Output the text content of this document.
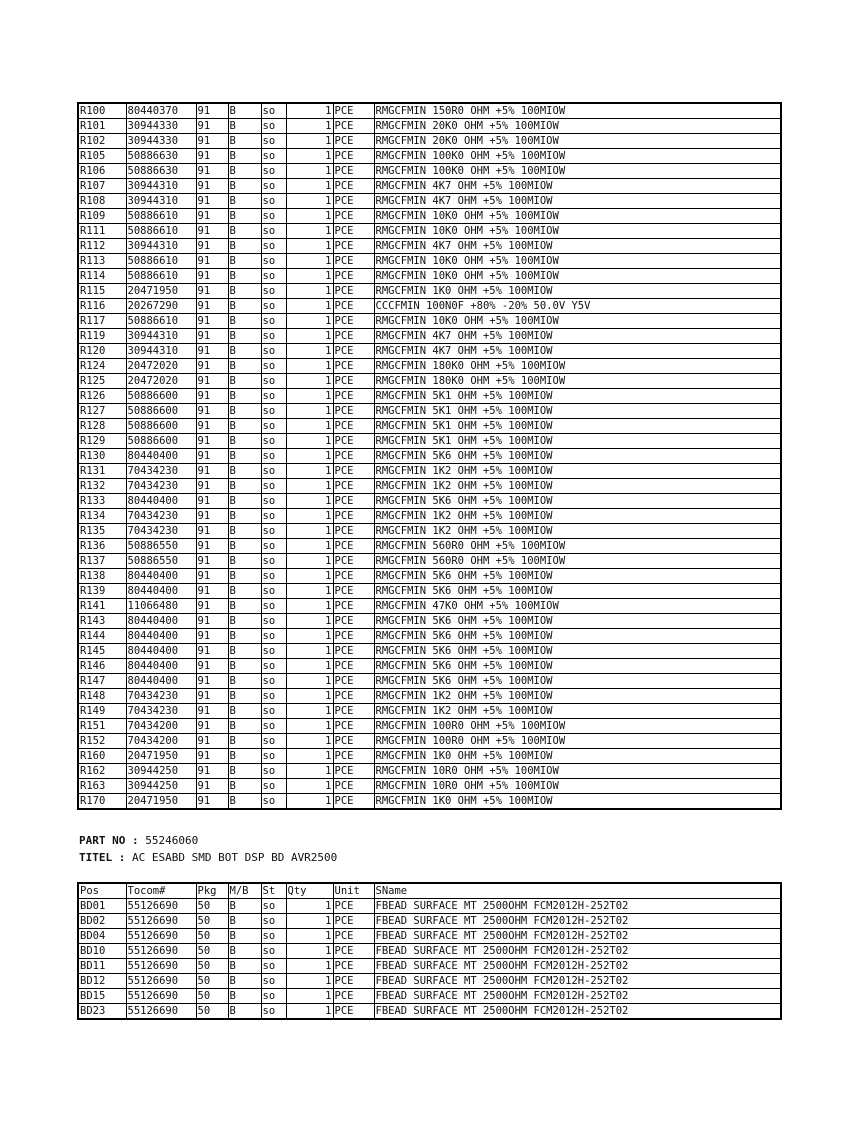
R100	80440370	91	B	so	1	PCE	RMGCFMIN 150R0 OHM +5% 100MIOW
R101	30944330	91	B	so	1	PCE	RMGCFMIN 20K0 OHM +5% 100MIOW
R102	30944330	91	B	so	1	PCE	RMGCFMIN 20K0 OHM +5% 100MIOW
R105	50886630	91	B	so	1	PCE	RMGCFMIN 100K0 OHM +5% 100MIOW
R106	50886630	91	B	so	1	PCE	RMGCFMIN 100K0 OHM +5% 100MIOW
R107	30944310	91	B	so	1	PCE	RMGCFMIN 4K7 OHM +5% 100MIOW
R108	30944310	91	B	so	1	PCE	RMGCFMIN 4K7 OHM +5% 100MIOW
R109	50886610	91	B	so	1	PCE	RMGCFMIN 10K0 OHM +5% 100MIOW
R111	50886610	91	B	so	1	PCE	RMGCFMIN 10K0 OHM +5% 100MIOW
R112	30944310	91	B	so	1	PCE	RMGCFMIN 4K7 OHM +5% 100MIOW
R113	50886610	91	B	so	1	PCE	RMGCFMIN 10K0 OHM +5% 100MIOW
R114	50886610	91	B	so	1	PCE	RMGCFMIN 10K0 OHM +5% 100MIOW
R115	20471950	91	B	so	1	PCE	RMGCFMIN 1K0 OHM +5% 100MIOW
R116	20267290	91	B	so	1	PCE	CCCFMIN 100N0F +80% -20% 50.0V Y5V
R117	50886610	91	B	so	1	PCE	RMGCFMIN 10K0 OHM +5% 100MIOW
R119	30944310	91	B	so	1	PCE	RMGCFMIN 4K7 OHM +5% 100MIOW
R120	30944310	91	B	so	1	PCE	RMGCFMIN 4K7 OHM +5% 100MIOW
R124	20472020	91	B	so	1	PCE	RMGCFMIN 180K0 OHM +5% 100MIOW
R125	20472020	91	B	so	1	PCE	RMGCFMIN 180K0 OHM +5% 100MIOW
R126	50886600	91	B	so	1	PCE	RMGCFMIN 5K1 OHM +5% 100MIOW
R127	50886600	91	B	so	1	PCE	RMGCFMIN 5K1 OHM +5% 100MIOW
R128	50886600	91	B	so	1	PCE	RMGCFMIN 5K1 OHM +5% 100MIOW
R129	50886600	91	B	so	1	PCE	RMGCFMIN 5K1 OHM +5% 100MIOW
R130	80440400	91	B	so	1	PCE	RMGCFMIN 5K6 OHM +5% 100MIOW
R131	70434230	91	B	so	1	PCE	RMGCFMIN 1K2 OHM +5% 100MIOW
R132	70434230	91	B	so	1	PCE	RMGCFMIN 1K2 OHM +5% 100MIOW
R133	80440400	91	B	so	1	PCE	RMGCFMIN 5K6 OHM +5% 100MIOW
R134	70434230	91	B	so	1	PCE	RMGCFMIN 1K2 OHM +5% 100MIOW
R135	70434230	91	B	so	1	PCE	RMGCFMIN 1K2 OHM +5% 100MIOW
R136	50886550	91	B	so	1	PCE	RMGCFMIN 560R0 OHM +5% 100MIOW
R137	50886550	91	B	so	1	PCE	RMGCFMIN 560R0 OHM +5% 100MIOW
R138	80440400	91	B	so	1	PCE	RMGCFMIN 5K6 OHM +5% 100MIOW
R139	80440400	91	B	so	1	PCE	RMGCFMIN 5K6 OHM +5% 100MIOW
R141	11066480	91	B	so	1	PCE	RMGCFMIN 47K0 OHM +5% 100MIOW
R143	80440400	91	B	so	1	PCE	RMGCFMIN 5K6 OHM +5% 100MIOW
R144	80440400	91	B	so	1	PCE	RMGCFMIN 5K6 OHM +5% 100MIOW
R145	80440400	91	B	so	1	PCE	RMGCFMIN 5K6 OHM +5% 100MIOW
R146	80440400	91	B	so	1	PCE	RMGCFMIN 5K6 OHM +5% 100MIOW
R147	80440400	91	B	so	1	PCE	RMGCFMIN 5K6 OHM +5% 100MIOW
R148	70434230	91	B	so	1	PCE	RMGCFMIN 1K2 OHM +5% 100MIOW
R149	70434230	91	B	so	1	PCE	RMGCFMIN 1K2 OHM +5% 100MIOW
R151	70434200	91	B	so	1	PCE	RMGCFMIN 100R0 OHM +5% 100MIOW
R152	70434200	91	B	so	1	PCE	RMGCFMIN 100R0 OHM +5% 100MIOW
R160	20471950	91	B	so	1	PCE	RMGCFMIN 1K0 OHM +5% 100MIOW
R162	30944250	91	B	so	1	PCE	RMGCFMIN 10R0 OHM +5% 100MIOW
R163	30944250	91	B	so	1	PCE	RMGCFMIN 10R0 OHM +5% 100MIOW
R170	20471950	91	B	so	1	PCE	RMGCFMIN 1K0 OHM +5% 100MIOW
PART NO : 55246060
TITEL : AC ESABD SMD BOT DSP BD AVR2500
Pos	Tocom#	Pkg	M/B	St	Qty	Unit	SName
BD01	55126690	50	B	so	1	PCE	FBEAD SURFACE MT 2500OHM FCM2012H-252T02
BD02	55126690	50	B	so	1	PCE	FBEAD SURFACE MT 2500OHM FCM2012H-252T02
BD04	55126690	50	B	so	1	PCE	FBEAD SURFACE MT 2500OHM FCM2012H-252T02
BD10	55126690	50	B	so	1	PCE	FBEAD SURFACE MT 2500OHM FCM2012H-252T02
BD11	55126690	50	B	so	1	PCE	FBEAD SURFACE MT 2500OHM FCM2012H-252T02
BD12	55126690	50	B	so	1	PCE	FBEAD SURFACE MT 2500OHM FCM2012H-252T02
BD15	55126690	50	B	so	1	PCE	FBEAD SURFACE MT 2500OHM FCM2012H-252T02
BD23	55126690	50	B	so	1	PCE	FBEAD SURFACE MT 2500OHM FCM2012H-252T02
